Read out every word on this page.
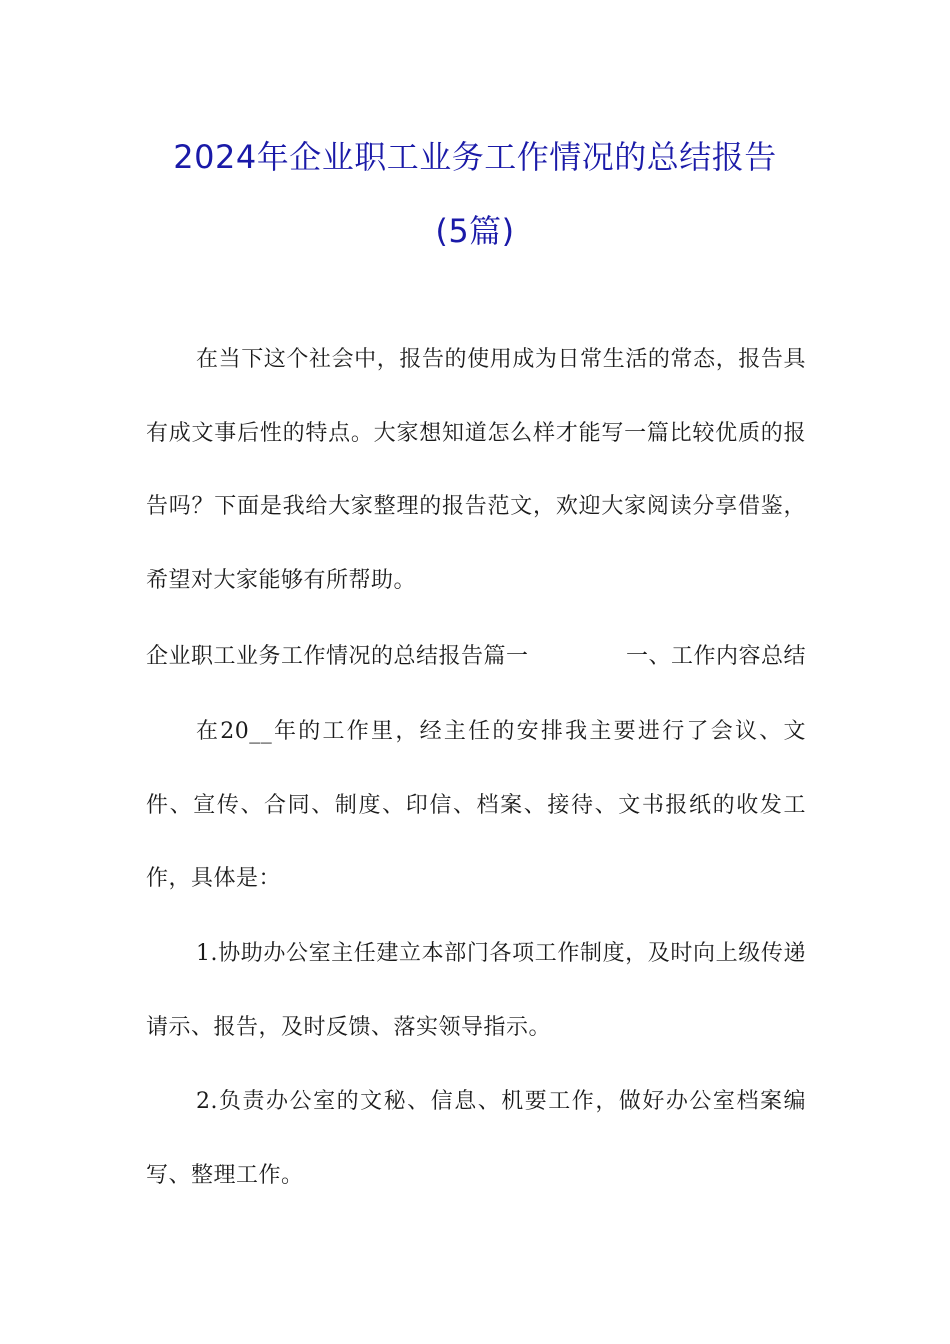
2024年企业职工业务工作情况的总结报告
(5篇)

在当下这个社会中，报告的使用成为日常生活的常态，报告具有成文事后性的特点。大家想知道怎么样才能写一篇比较优质的报告吗？下面是我给大家整理的报告范文，欢迎大家阅读分享借鉴，希望对大家能够有所帮助。

企业职工业务工作情况的总结报告篇一	一、工作内容总结

在20__年的工作里，经主任的安排我主要进行了会议、文件、宣传、合同、制度、印信、档案、接待、文书报纸的收发工作，具体是：

1.协助办公室主任建立本部门各项工作制度，及时向上级传递请示、报告，及时反馈、落实领导指示。

2.负责办公室的文秘、信息、机要工作，做好办公室档案编写、整理工作。
